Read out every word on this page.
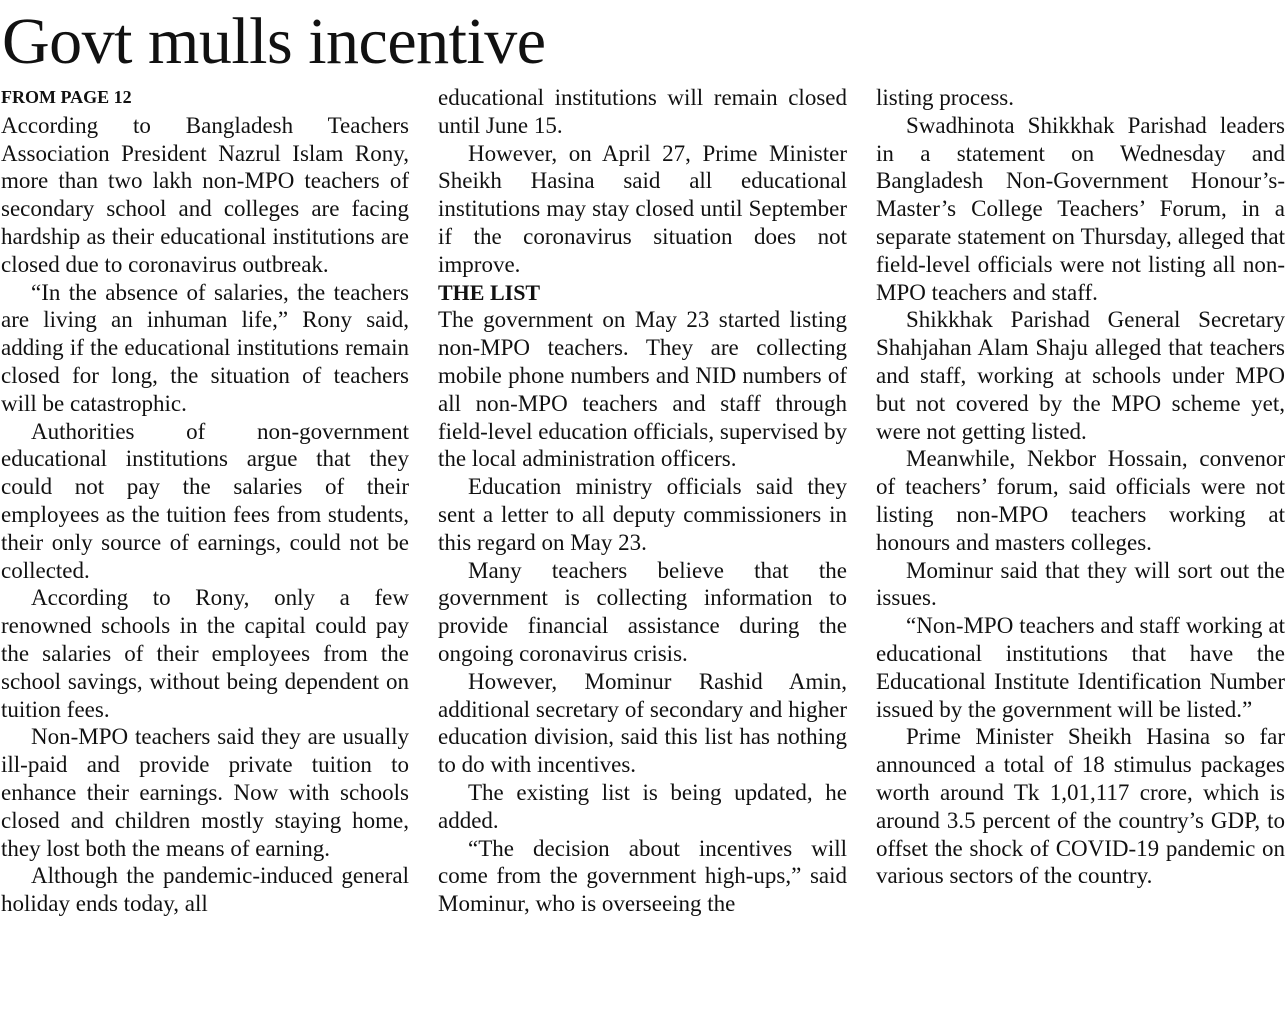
Govt mulls incentive
FROM PAGE 12

According to Bangladesh Teachers Association President Nazrul Islam Rony, more than two lakh non-MPO teachers of secondary school and colleges are facing hardship as their educational institutions are closed due to coronavirus outbreak.

“In the absence of salaries, the teachers are living an inhuman life,” Rony said, adding if the educational institutions remain closed for long, the situation of teachers will be catastrophic.

Authorities of non-government educational institutions argue that they could not pay the salaries of their employees as the tuition fees from students, their only source of earnings, could not be collected.

According to Rony, only a few renowned schools in the capital could pay the salaries of their employees from the school savings, without being dependent on tuition fees.

Non-MPO teachers said they are usually ill-paid and provide private tuition to enhance their earnings. Now with schools closed and children mostly staying home, they lost both the means of earning.

Although the pandemic-induced general holiday ends today, all

educational institutions will remain closed until June 15.

However, on April 27, Prime Minister Sheikh Hasina said all educational institutions may stay closed until September if the coronavirus situation does not improve.

THE LIST

The government on May 23 started listing non-MPO teachers. They are collecting mobile phone numbers and NID numbers of all non-MPO teachers and staff through field-level education officials, supervised by the local administration officers.

Education ministry officials said they sent a letter to all deputy commissioners in this regard on May 23.

Many teachers believe that the government is collecting information to provide financial assistance during the ongoing coronavirus crisis.

However, Mominur Rashid Amin, additional secretary of secondary and higher education division, said this list has nothing to do with incentives.

The existing list is being updated, he added.

“The decision about incentives will come from the government high-ups,” said Mominur, who is overseeing the

listing process.

Swadhinota Shikkhak Parishad leaders in a statement on Wednesday and Bangladesh Non-Government Honour’s-Master’s College Teachers’ Forum, in a separate statement on Thursday, alleged that field-level officials were not listing all non-MPO teachers and staff.

Shikkhak Parishad General Secretary Shahjahan Alam Shaju alleged that teachers and staff, working at schools under MPO but not covered by the MPO scheme yet, were not getting listed.

Meanwhile, Nekbor Hossain, convenor of teachers’ forum, said officials were not listing non-MPO teachers working at honours and masters colleges.

Mominur said that they will sort out the issues.

“Non-MPO teachers and staff working at educational institutions that have the Educational Institute Identification Number issued by the government will be listed.”

Prime Minister Sheikh Hasina so far announced a total of 18 stimulus packages worth around Tk 1,01,117 crore, which is around 3.5 percent of the country’s GDP, to offset the shock of COVID-19 pandemic on various sectors of the country.
